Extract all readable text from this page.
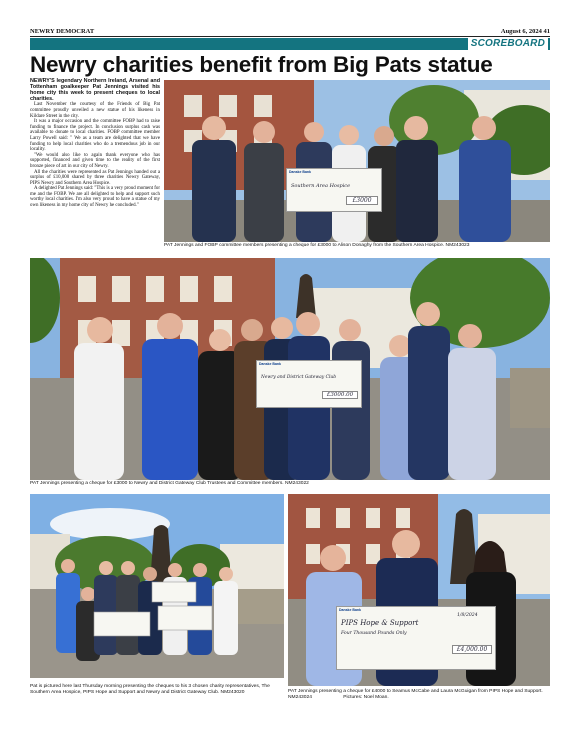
NEWRY DEMOCRAT	August 6, 2024 41
SCOREBOARD
Newry charities benefit from Big Pats statue
NEWRY'S legendary Northern Ireland, Arsenal and Tottenham goalkeeper Pat Jennings visited his home city this week to present cheques to local charities.

Last November the courtesy of the Friends of Big Pat committee proudly unveiled a new statue of his likeness in Kildare Street in the city.

It was a major occasion and the committee FOBP had to raise funding to finance the project. In conclusion surplus cash was available to donate to local charities. FOBP committee member Larry Powell said: " We as a team are delighted that we have funding to help local charities who do a tremendous job in our locality.

"We would also like to again thank everyone who has supported, financed and given time to the reality of the first bronze piece of art in our city of Newry.

All the charities were represented as Pat Jennings handed out a surplus of £10,000 shared by three charities Newry Gateway, PIPS Newry and Southern Area Hospice.

A delighted Pat Jennings said: "This is a very proud moment for me and the FOBP. We are all delighted to help and support such worthy local charities. I'm also very proud to have a statue of my own likeness in my home city of Newry he concluded."

Danske Bank
Southern Area Hospice
£3000
PAT Jennings and FOBP committee members presenting a cheque for £3000 to Alison Donaghy from the Southern Area Hospice. NM243023
Danske Bank
Newry and District Gateway Club
£3000.00
PAT Jennings presenting a cheque for £3000 to Newry and District Gateway Club Trustees and Committee members. NM243022
Pat is pictured here last Thursday morning presenting the cheques to his 3 chosen charity representatives, The Southern Area Hospice, PIPS Hope and Support and Newry and District Gateway Club. NM243020
Danske Bank
PIPS Hope & Support
Four Thousand Pounds Only
1/8/2024
£4,000.00
PAT Jennings presenting a cheque for £4000 to Seamus McCabe and Laura McGuigan from PIPS Hope and Support. NM243024	Pictures: Noel Moan.
